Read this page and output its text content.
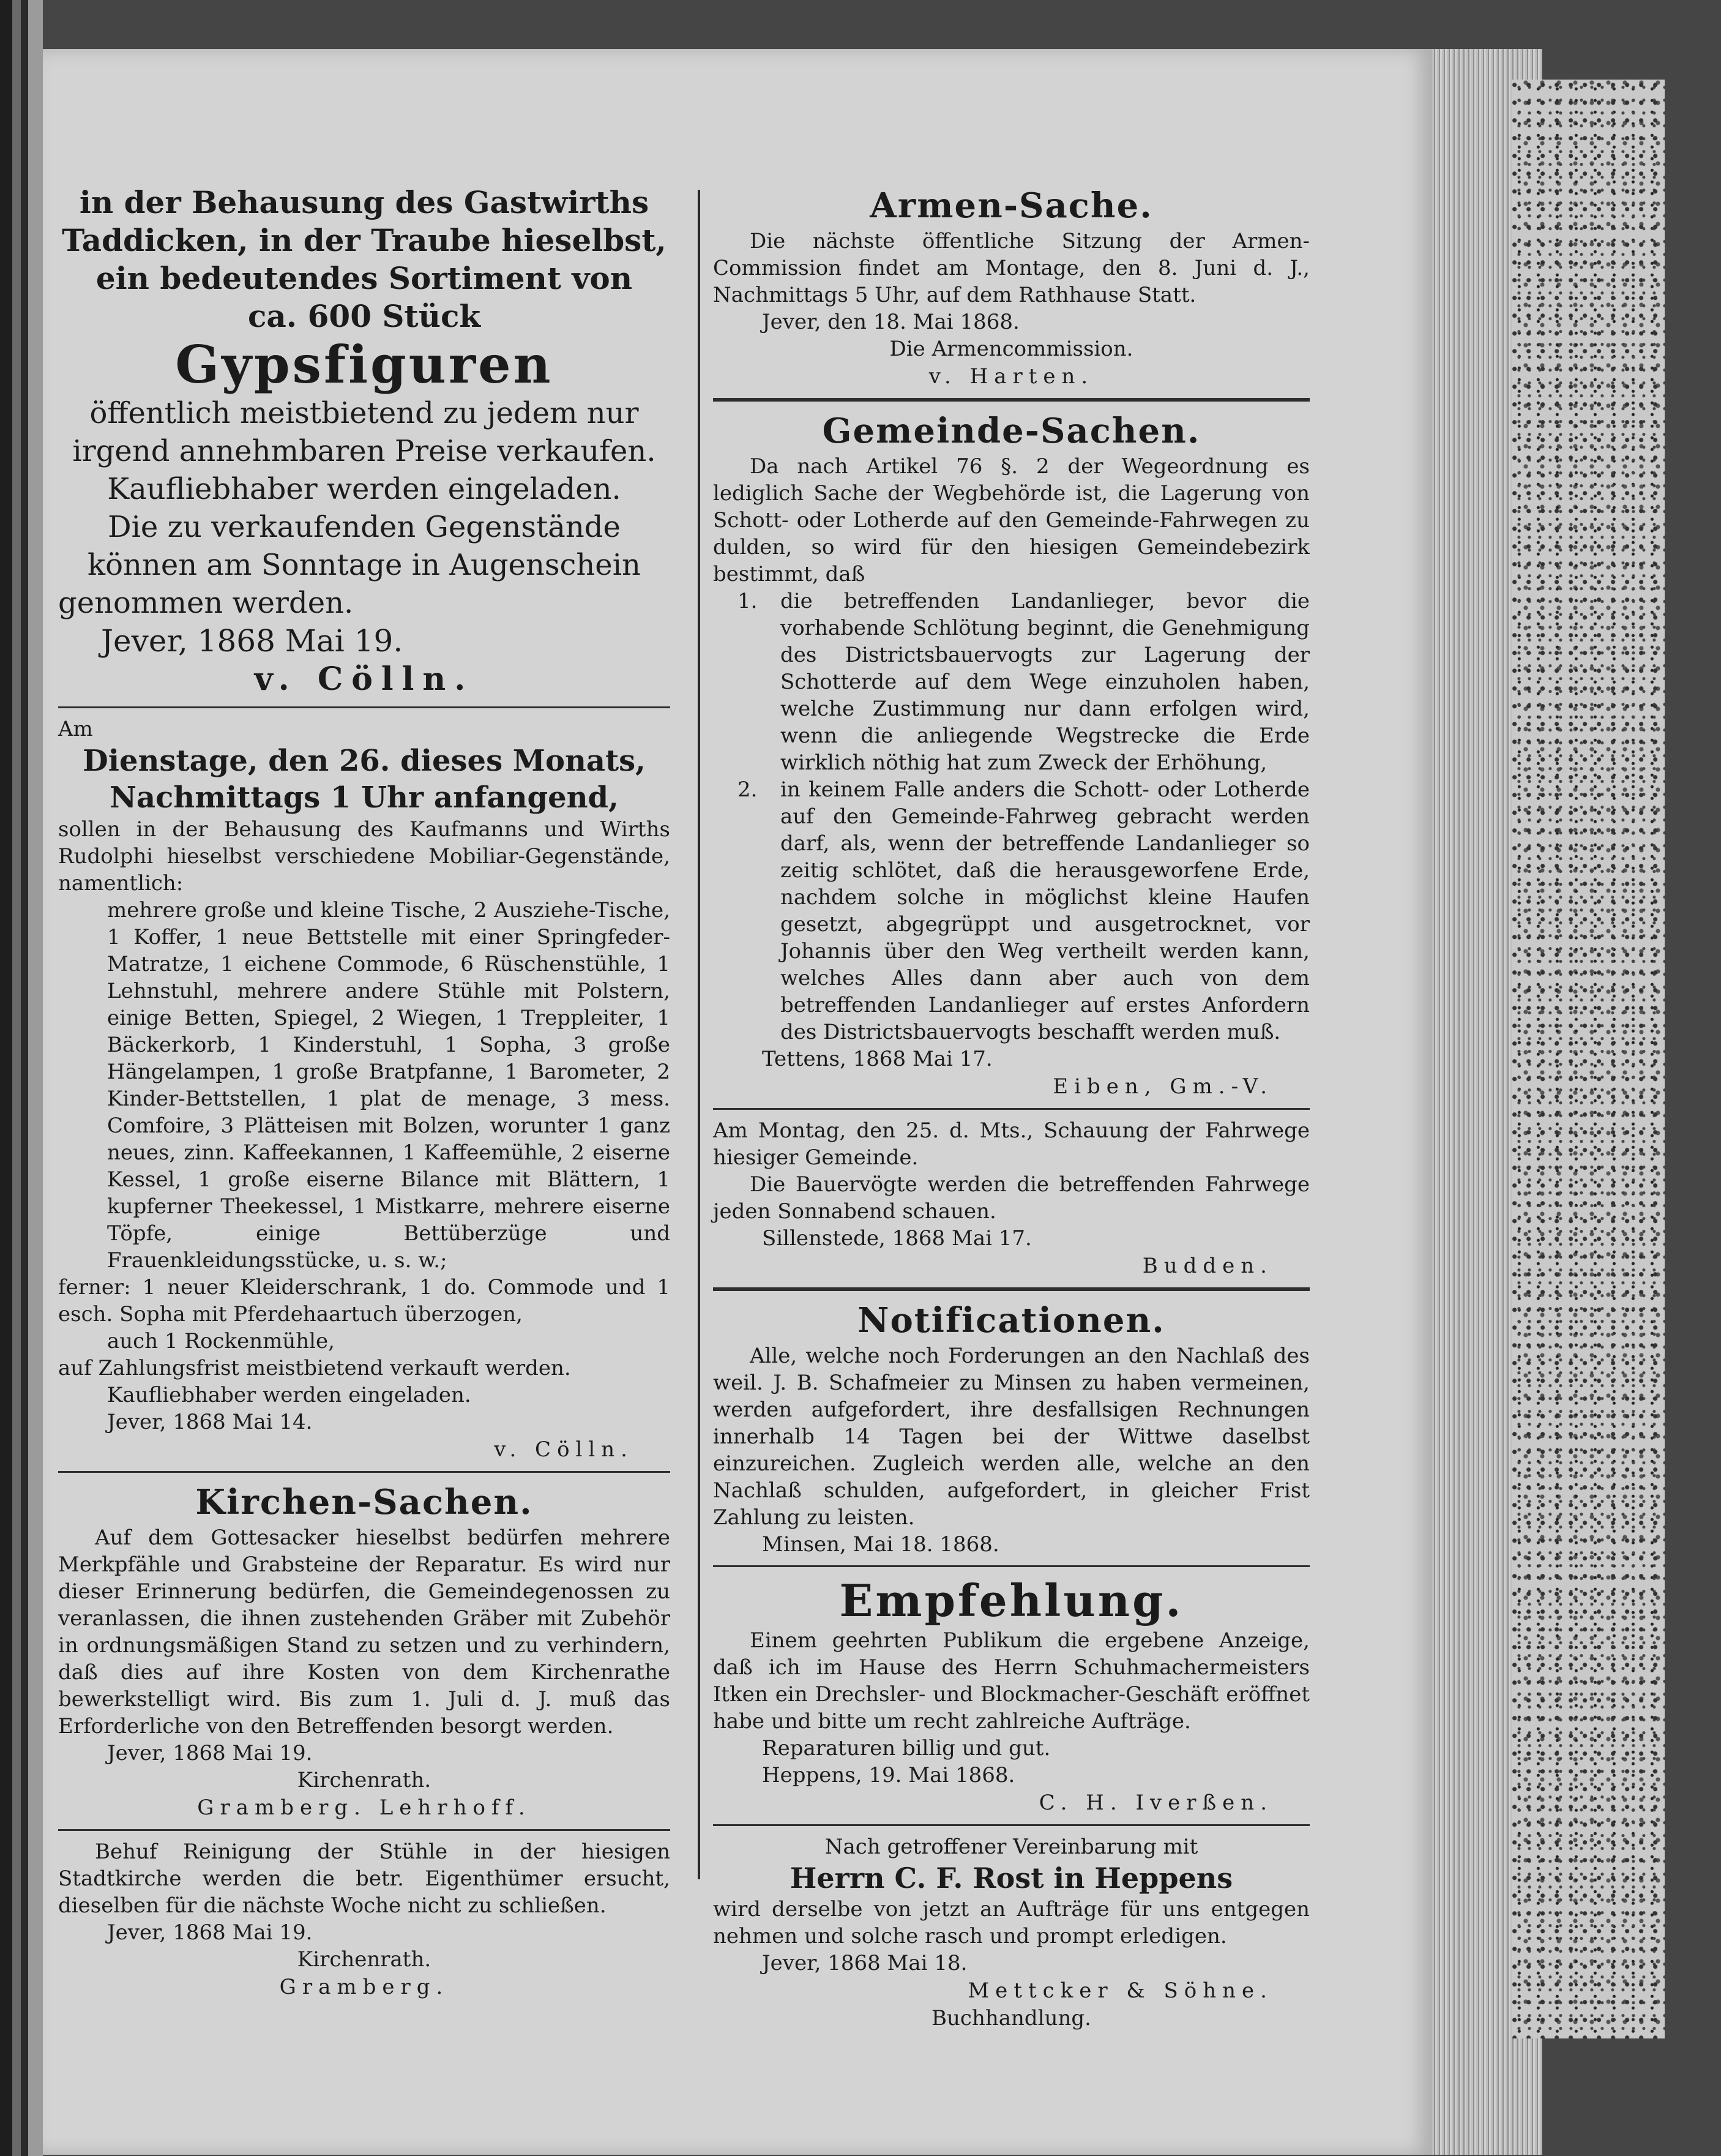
in der Behausung des Gastwirths
Taddicken, in der Traube hieselbst,
ein bedeutendes Sortiment von
ca. 600 Stück
Gypsfiguren
öffentlich meistbietend zu jedem nur
irgend annehmbaren Preise verkaufen.
Kaufliebhaber werden eingeladen.
Die zu verkaufenden Gegenstände
können am Sonntage in Augenschein
genommen werden.
Jever, 1868 Mai 19.
v. Cölln.
Am
Dienstage, den 26. dieses Monats,
Nachmittags 1 Uhr anfangend,
sollen in der Behausung des Kaufmanns und Wirths Rudolphi hieselbst verschiedene Mobiliar-Gegenstände, namentlich:
mehrere große und kleine Tische, 2 Ausziehe-Tische, 1 Koffer, 1 neue Bettstelle mit einer Springfeder-Matratze, 1 eichene Commode, 6 Rüschenstühle, 1 Lehnstuhl, mehrere andere Stühle mit Polstern, einige Betten, Spiegel, 2 Wiegen, 1 Treppleiter, 1 Bäckerkorb, 1 Kinderstuhl, 1 Sopha, 3 große Hängelampen, 1 große Bratpfanne, 1 Barometer, 2 Kinder-Bettstellen, 1 plat de menage, 3 mess. Comfoire, 3 Plätteisen mit Bolzen, worunter 1 ganz neues, zinn. Kaffeekannen, 1 Kaffeemühle, 2 eiserne Kessel, 1 große eiserne Bilance mit Blättern, 1 kupferner Theekessel, 1 Mistkarre, mehrere eiserne Töpfe, einige Bettüberzüge und Frauenkleidungsstücke, u. s. w.;
ferner: 1 neuer Kleiderschrank, 1 do. Commode und 1 esch. Sopha mit Pferdehaartuch überzogen,
auch 1 Rockenmühle,
auf Zahlungsfrist meistbietend verkauft werden.
Kaufliebhaber werden eingeladen.
Jever, 1868 Mai 14.
v. Cölln.
Kirchen-Sachen.
Auf dem Gottesacker hieselbst bedürfen mehrere Merkpfähle und Grabsteine der Reparatur. Es wird nur dieser Erinnerung bedürfen, die Gemeindegenossen zu veranlassen, die ihnen zustehenden Gräber mit Zubehör in ordnungsmäßigen Stand zu setzen und zu verhindern, daß dies auf ihre Kosten von dem Kirchenrathe bewerkstelligt wird. Bis zum 1. Juli d. J. muß das Erforderliche von den Betreffenden besorgt werden.
Jever, 1868 Mai 19.
Kirchenrath.
Gramberg. Lehrhoff.
Behuf Reinigung der Stühle in der hiesigen Stadtkirche werden die betr. Eigenthümer ersucht, dieselben für die nächste Woche nicht zu schließen.
Jever, 1868 Mai 19.
Kirchenrath.
Gramberg.
Armen-Sache.
Die nächste öffentliche Sitzung der Armen-Commission findet am Montage, den 8. Juni d. J., Nachmittags 5 Uhr, auf dem Rathhause Statt.
Jever, den 18. Mai 1868.
Die Armencommission.
v. Harten.
Gemeinde-Sachen.
Da nach Artikel 76 §. 2 der Wegeordnung es lediglich Sache der Wegbehörde ist, die Lagerung von Schott- oder Lotherde auf den Gemeinde-Fahrwegen zu dulden, so wird für den hiesigen Gemeindebezirk bestimmt, daß
1. die betreffenden Landanlieger, bevor die vorhabende Schlötung beginnt, die Genehmigung des Districtsbauervogts zur Lagerung der Schotterde auf dem Wege einzuholen haben, welche Zustimmung nur dann erfolgen wird, wenn die anliegende Wegstrecke die Erde wirklich nöthig hat zum Zweck der Erhöhung,
2. in keinem Falle anders die Schott- oder Lotherde auf den Gemeinde-Fahrweg gebracht werden darf, als, wenn der betreffende Landanlieger so zeitig schlötet, daß die herausgeworfene Erde, nachdem solche in möglichst kleine Haufen gesetzt, abgegrüppt und ausgetrocknet, vor Johannis über den Weg vertheilt werden kann, welches Alles dann aber auch von dem betreffenden Landanlieger auf erstes Anfordern des Districtsbauervogts beschafft werden muß.
Tettens, 1868 Mai 17.
Eiben, Gm.-V.
Am Montag, den 25. d. Mts., Schauung der Fahrwege hiesiger Gemeinde.
Die Bauervögte werden die betreffenden Fahrwege jeden Sonnabend schauen.
Sillenstede, 1868 Mai 17.
Budden.
Notificationen.
Alle, welche noch Forderungen an den Nachlaß des weil. J. B. Schafmeier zu Minsen zu haben vermeinen, werden aufgefordert, ihre desfallsigen Rechnungen innerhalb 14 Tagen bei der Wittwe daselbst einzureichen. Zugleich werden alle, welche an den Nachlaß schulden, aufgefordert, in gleicher Frist Zahlung zu leisten.
Minsen, Mai 18. 1868.
Empfehlung.
Einem geehrten Publikum die ergebene Anzeige, daß ich im Hause des Herrn Schuhmachermeisters Itken ein Drechsler- und Blockmacher-Geschäft eröffnet habe und bitte um recht zahlreiche Aufträge.
Reparaturen billig und gut.
Heppens, 19. Mai 1868.
C. H. Iverßen.
Nach getroffener Vereinbarung mit
Herrn C. F. Rost in Heppens
wird derselbe von jetzt an Aufträge für uns entgegen nehmen und solche rasch und prompt erledigen.
Jever, 1868 Mai 18.
Mettcker & Söhne.
Buchhandlung.
